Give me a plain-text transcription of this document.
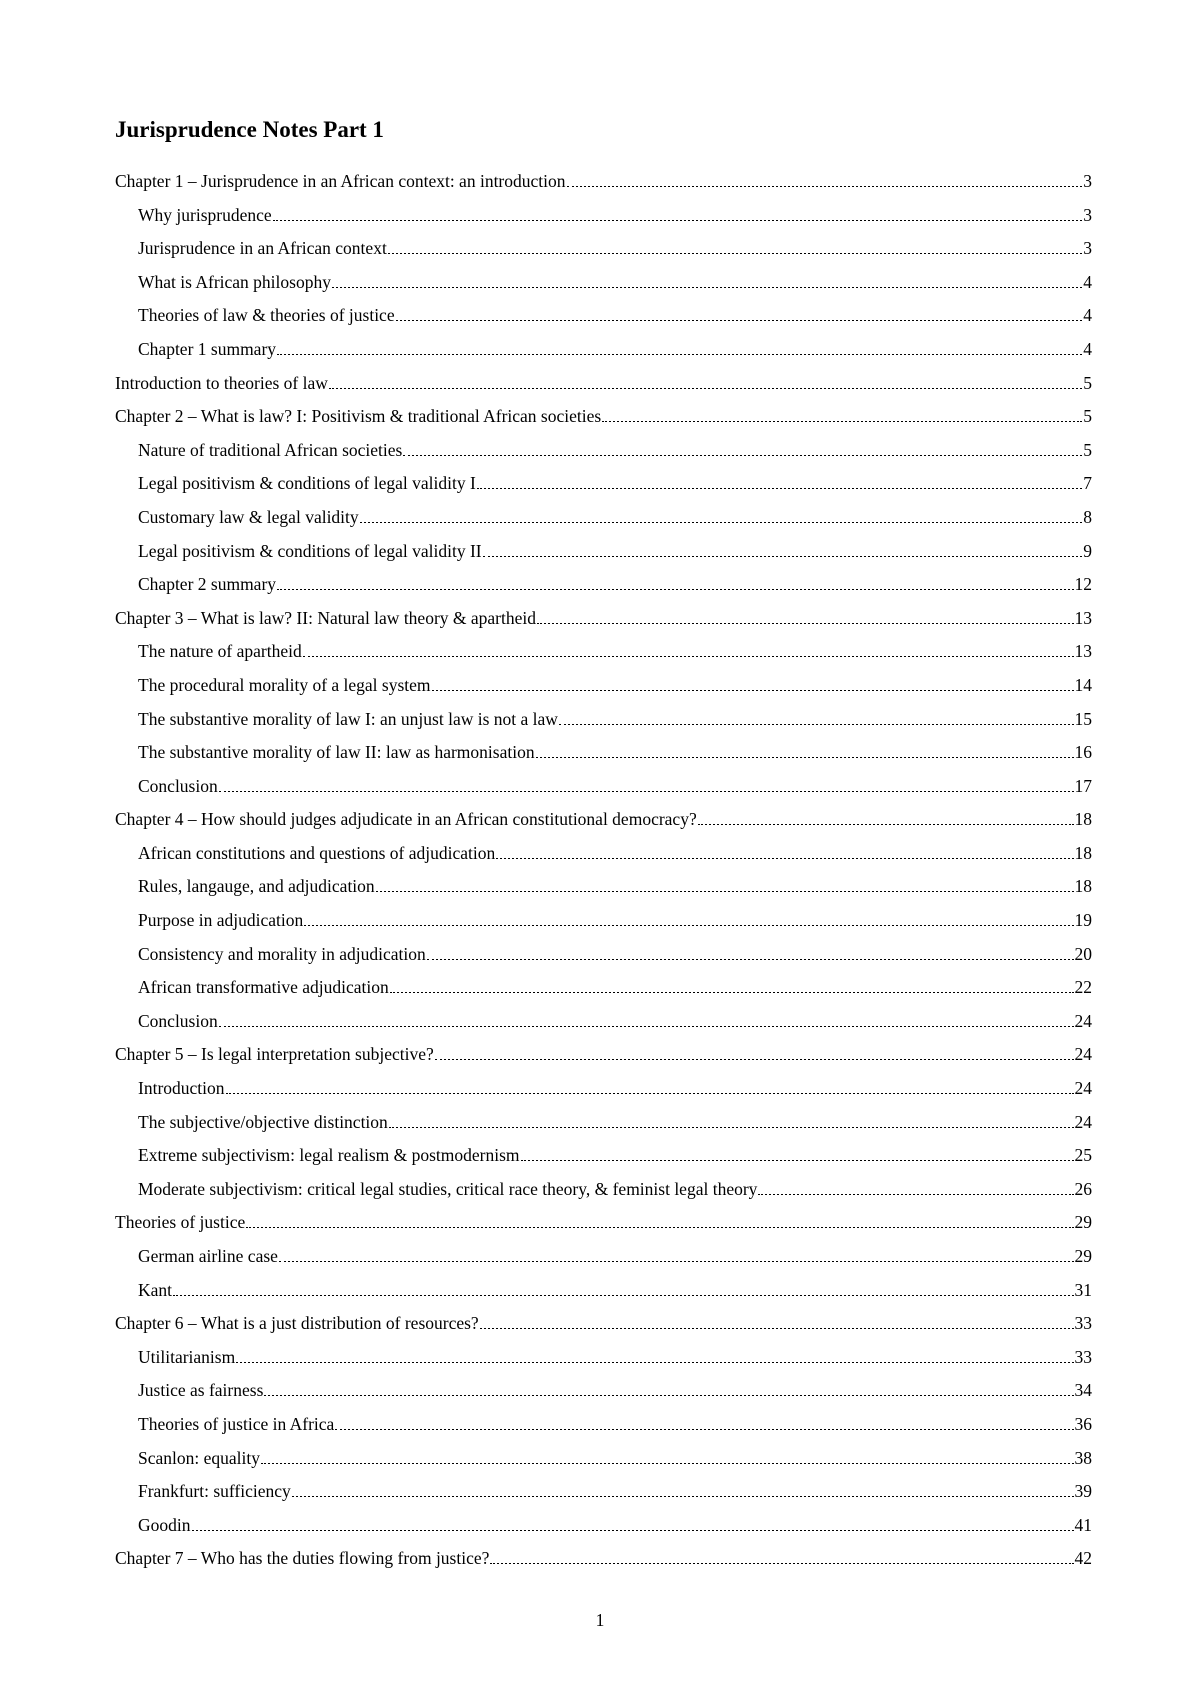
Jurisprudence Notes Part 1
Chapter 1 – Jurisprudence in an African context: an introduction	3
Why jurisprudence	3
Jurisprudence in an African context	3
What is African philosophy	4
Theories of law & theories of justice	4
Chapter 1 summary	4
Introduction to theories of law	5
Chapter 2 – What is law? I: Positivism & traditional African societies	5
Nature of traditional African societies	5
Legal positivism & conditions of legal validity I	7
Customary law & legal validity	8
Legal positivism & conditions of legal validity II	9
Chapter 2 summary	12
Chapter 3 – What is law? II: Natural law theory & apartheid	13
The nature of apartheid	13
The procedural morality of a legal system	14
The substantive morality of law I: an unjust law is not a law	15
The substantive morality of law II: law as harmonisation	16
Conclusion	17
Chapter 4 – How should judges adjudicate in an African constitutional democracy?	18
African constitutions and questions of adjudication	18
Rules, langauge, and adjudication	18
Purpose in adjudication	19
Consistency and morality in adjudication	20
African transformative adjudication	22
Conclusion	24
Chapter 5 – Is legal interpretation subjective?	24
Introduction	24
The subjective/objective distinction	24
Extreme subjectivism: legal realism & postmodernism	25
Moderate subjectivism: critical legal studies, critical race theory, & feminist legal theory	26
Theories of justice	29
German airline case	29
Kant	31
Chapter 6 – What is a just distribution of resources?	33
Utilitarianism	33
Justice as fairness	34
Theories of justice in Africa	36
Scanlon: equality	38
Frankfurt: sufficiency	39
Goodin	41
Chapter 7 – Who has the duties flowing from justice?	42
1
